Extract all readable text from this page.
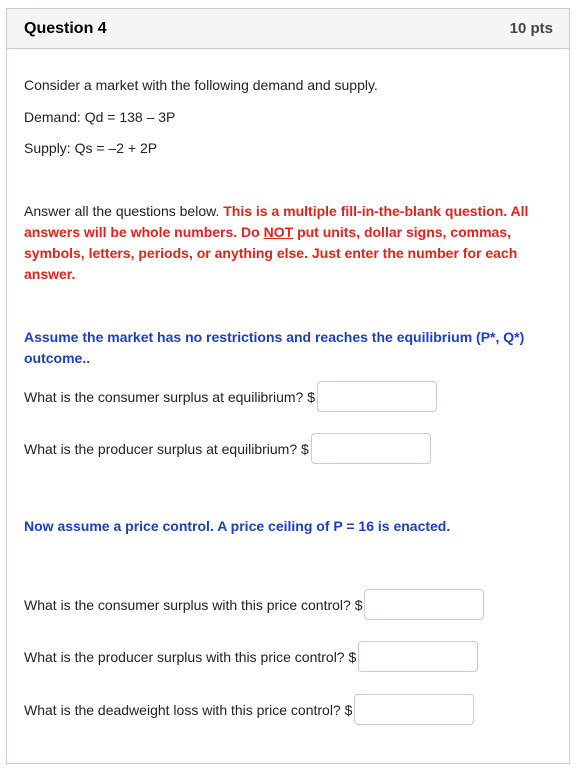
Question 4	10 pts

Consider a market with the following demand and supply.

Demand: Qd = 138 – 3P

Supply: Qs = –2 + 2P

Answer all the questions below. This is a multiple fill-in-the-blank question. All answers will be whole numbers. Do NOT put units, dollar signs, commas, symbols, letters, periods, or anything else. Just enter the number for each answer.

Assume the market has no restrictions and reaches the equilibrium (P*, Q*) outcome..

What is the consumer surplus at equilibrium? $
What is the producer surplus at equilibrium? $

Now assume a price control. A price ceiling of P = 16 is enacted.

What is the consumer surplus with this price control? $
What is the producer surplus with this price control? $
What is the deadweight loss with this price control? $
